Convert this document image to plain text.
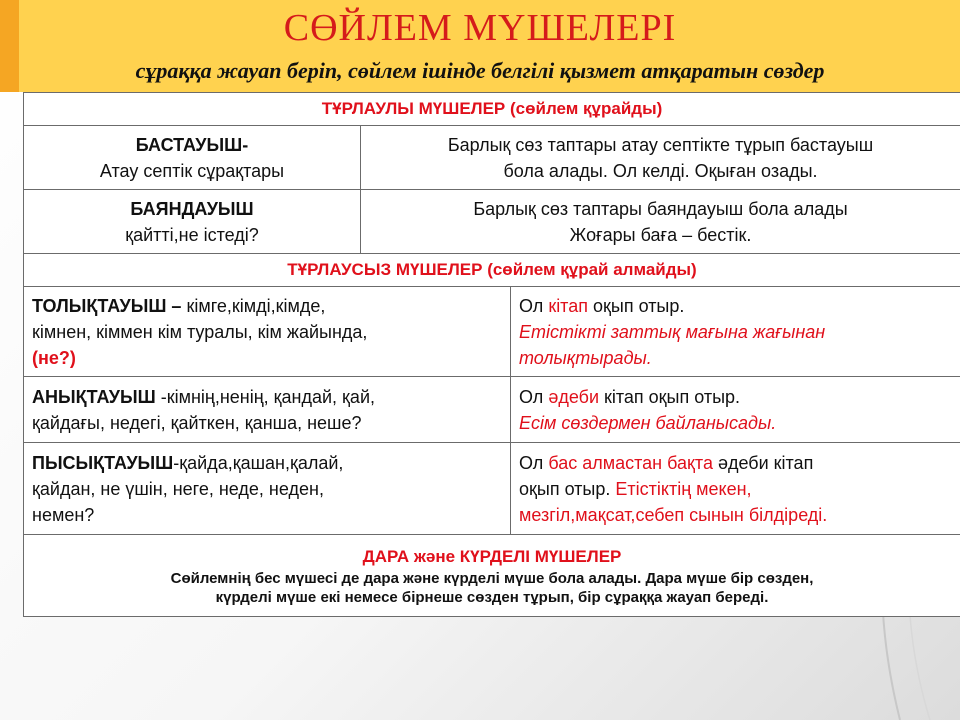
СӨЙЛЕМ МҮШЕЛЕРІ
сұраққа жауап беріп, сөйлем ішінде белгілі қызмет атқаратын сөздер
ТҰРЛАУЛЫ МҮШЕЛЕР (сөйлем құрайды)		

БАСТАУЫШ-
Атау септік сұрақтары	Барлық сөз таптары атау септікте тұрып бастауыш
бола алады. Ол келді. Оқыған озады.	

БАЯНДАУЫШ
қайтті,не істеді?	Барлық сөз таптары баяндауыш бола алады
Жоғары баға – бестік.	

ТҰРЛАУСЫЗ МҮШЕЛЕР (сөйлем құрай алмайды)		

ТОЛЫҚТАУЫШ – кімге,кімді,кімде,
кімнен, кіммен кім туралы, кім жайында,
(не?)		Ол кітап оқып отыр.
Етістікті заттық мағына жағынан
толықтырады.

АНЫҚТАУЫШ -кімнің,ненің, қандай, қай,
қайдағы, недегі, қайткен, қанша, неше?		Ол әдеби кітап оқып отыр.
Есім сөздермен байланысады.

ПЫСЫҚТАУЫШ-қайда,қашан,қалай,
қайдан, не үшін, неге, неде, неден,
немен?		Ол бас алмастан бақта әдеби кітап
оқып отыр. Етістіктің мекен,
мезгіл,мақсат,себеп сынын білдіреді.

ДАРА және КҮРДЕЛІ МҮШЕЛЕР
Сөйлемнің бес мүшесі де дара және күрделі мүше бола алады. Дара мүше бір сөзден,
күрделі мүше екі немесе бірнеше сөзден тұрып, бір сұраққа жауап береді.		
